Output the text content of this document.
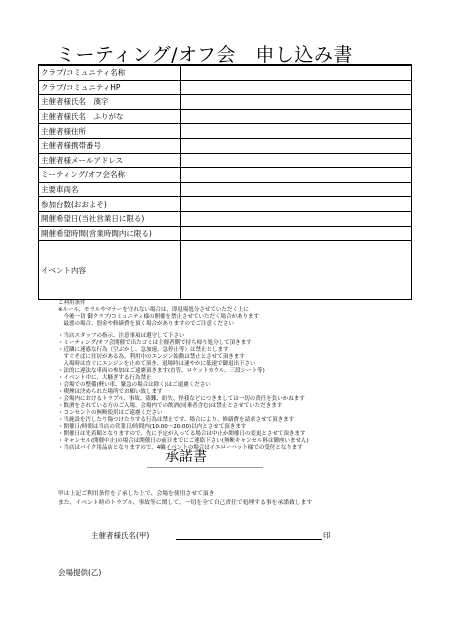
ミーティング/オフ会　申し込み書
クラブ/コミュニティ名称	
クラブ/コミュニティHP	
主催者様氏名　漢字	
主催者様氏名　ふりがな	
主催者様住所	
主催者様携帯番号	
主催者様メールアドレス	
ミーティング/オフ会名称	
主要車両名	
参加台数(おおよそ)	
開催希望日(当社営業日に限る)	
開催希望時間(営業時間内に限る)	
イベント内容	
ご利用条件
※ルール、モラルやマナーを守れない場合は、即退場処分させていただく上に
　今後一切 御クラブ/コミュニティ様の開催を禁止させていただく場合があります
　最悪の場合、罰金や修繕費を頂く場合がありますのでご注意ください
・当店スタッフの指示、注意事項は遵守して下さい
・ミーティング/オフ会開催で出たゴミは主催者側で持ち帰り処分して頂きます
・近隣に迷惑な行為（空ぶかし、急加速、急停止等）は禁止とします
　すぐそばに住居がある為、利用中のエンジン始動は禁止とさせて頂きます
　入場時は直ぐにエンジンを止めて頂き、退場時は速やかに低速で御退出下さい
・法的に違法な車両の参加はご遠慮頂きます(直管、ロケットカウル、三段シート等)
・イベント中に、大騒ぎする行為禁止
・会場での整備(軽い車、緊急の場合は除く)はご遠慮ください
・喫煙は決められた場所でお願い致します
・会場内におけるトラブル、事故、盗難、紛失、怪我などにつきましては一切の責任を負いかねます
・飲酒をされている方のご入場、会場内での飲酒(同乗者含む)は禁止とさせていただきます
・コンセントの無断使用はご遠慮ください
・当施設を汚したり傷つけたりする行為は禁止です、場合により、修繕費を請求させて頂きます
・開催日/時間は当店の営業日/時間内(10:00〜20:00)以内とさせて頂きます
・開催日は先着順となりますので、先に予定が入ってる場合は中止か開催日の変更とさせて頂きます
・キャンセル(開催中止)の場合は開催日の前日までにご連絡下さい(無断キャンセル料は御座いません)
・当店はバイク用品店となりますので、4輪イベントの場合はイエローハット様での受付となります
承諾書
甲は上記ご利用条件を了承した上で、会場を使用させて頂き
また、イベント時のトラブル、事故等に関して、一切を全て自己責任で処理する事を承諾致します
主催者様氏名(甲)	印
会場提供(乙)
